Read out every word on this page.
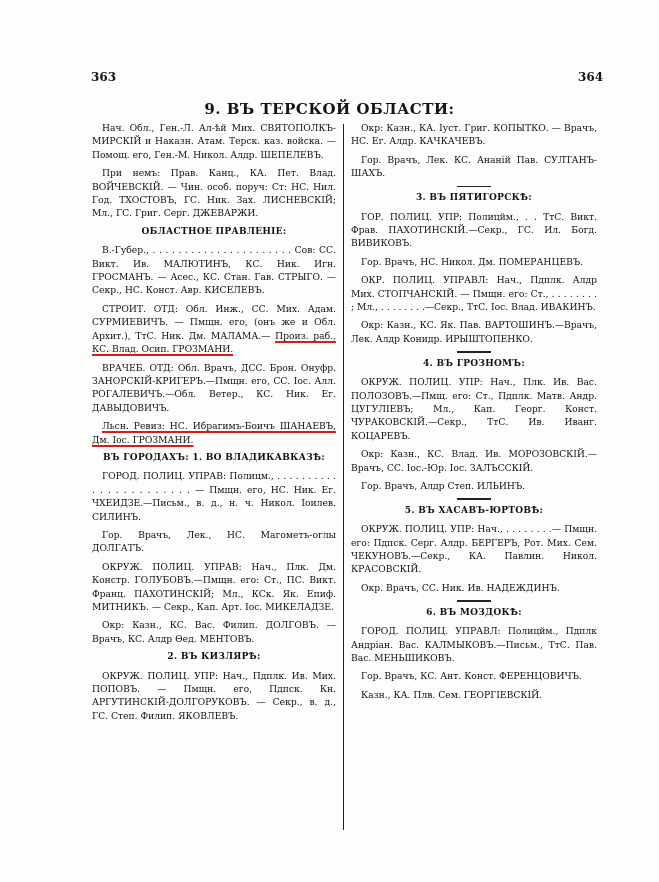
363	364
9. ВЪ ТЕРСКОЙ ОБЛАСТИ:

Нач. Обл., Ген.-Л. Ал-ѣй Мих. СВЯТОПОЛКЪ-МИРСКІЙ и Наказн. Атам. Терск. каз. войска. — Помощ. его, Ген.-М. Никол. Алдр. ШЕПЕЛЕВЪ.

При немъ: Прав. Канц., КА. Пет. Влад. ВОЙЧЕВСКІЙ. — Чин. особ. поруч: Ст: НС. Нил. Год. ТХОСТОВЪ, ГС. Ник. Зах. ЛИСНЕВСКІЙ; Мл., ГС. Григ. Серг. ДЖЕВАРЖИ.

ОБЛАСТНОЕ ПРАВЛЕНІЕ:

В.-Губер., . . . . . . . . . . . . . . . . . . . . . . Сов: СС. Викт. Ив. МАЛЮТИНЪ, КС. Ник. Игн. ГРОСМАНЪ. — Асес., КС. Стан. Гав. СТРЫГО. — Секр., НС. Конст. Авр. КИСЕЛЕВЪ.

СТРОИТ. ОТД: Обл. Инж., СС. Мих. Адам. СУРМИЕВИЧЪ. — Пмщн. его, (онъ же и Обл. Архит.), ТтС. Ник. Дм. МАЛАМА.— Произ. раб., КС. Влад. Осип. ГРОЗМАНИ.

ВРАЧЕБ. ОТД: Обл. Врачъ, ДСС. Брон. Онуфр. ЗАНОРСКІЙ-КРИГЕРЪ.—Пмщн. его, СС. Іос. Алл. РОГАЛЕВИЧЪ.—Обл. Ветер., КС. Ник. Ег. ДАВЫДОВИЧЪ.

Льсн. Ревиз: НС. Ибрагимъ-Боичъ ШАНАЕВЪ, Дм. Іос. ГРОЗМАНИ.

ВЪ ГОРОДАХЪ: 1. ВО ВЛАДИКАВКАЗѢ:

ГОРОД. ПОЛИЦ. УПРАВ: Полицм., . . . . . . . . . . . . . . . . . . . . . . . — Пмщн. его, НС. Ник. Ег. ЧХЕИДЗЕ.—Письм., в. д., н. ч. Никол. Іоилев. СИЛИНЪ.

Гор. Врачъ, Лек., НС. Магометъ-оглы ДОЛГАТЪ.

ОКРУЖ. ПОЛИЦ. УПРАВ: Нач., Плк. Дм. Констр. ГОЛУБОВЪ.—Пмщн. его: Ст., ПС. Викт. Франц. ПАХОТИНСКІЙ; Мл., КСк. Як. Епиф. МИТНИКЪ. — Секр., Кап. Арт. Іос. МИКЕЛАДЗЕ.

Окр: Казн., КС. Вас. Филип. ДОЛГОВЪ. — Врачъ, КС. Алдр Ѳед. МЕНТОВЪ.

2. ВЪ КИЗЛЯРѢ:

ОКРУЖ. ПОЛИЦ. УПР: Нач., Пдплк. Ив. Мих. ПОПОВЪ. — Пмщн. его, Пдпск. Кн. АРГУТИНСКІЙ-ДОЛГОРУКОВЪ. — Секр., в. д., ГС. Степ. Филип. ЯКОВЛЕВЪ.

Окр: Казн., КА. Іуст. Григ. КОПЫТКО. — Врачъ, НС. Ег. Алдр. КАЧКАЧЕВЪ.

Гор. Врачъ, Лек. КС. Ананій Пав. СУЛТАНЪ-ШАХЪ.

3. ВЪ ПЯТИГОРСКѢ:

ГОР. ПОЛИЦ. УПР: Полицйм., . . ТтС. Викт. Фрав. ПАХОТИНСКІЙ.—Секр., ГС. Ил. Богд. ВИВИКОВЪ.

Гор. Врачъ, НС. Никол. Дм. ПОМЕРАНЦЕВЪ.

ОКР. ПОЛИЦ. УПРАВЛ: Нач., Пдплк. Алдр Мих. СТОПЧАНСКІЙ. — Пмщн. его: Ст., . . . . . . . . ; Мл., . . . . . . . .—Секр., ТтС. Іос. Влад. ИВАКИНЪ.

Окр: Казн., КС. Як. Пав. ВАРТОШИНЪ.—Врачъ, Лек. Алдр Конидр. ИРЫШТОПЕНКО.

4. ВЪ ГРОЗНОМЪ:

ОКРУЖ. ПОЛИЦ. УПР: Нач., Плк. Ив. Вас. ПОЛОЗОВЪ.—Пмщ. его: Ст., Пдплк. Матв. Андр. ЦУГУЛІЕВЪ; Мл., Кап. Георг. Конст. ЧУРАКОВСКІЙ.—Секр., ТтС. Ив. Иванг. КОЦАРЕВЪ.

Окр: Казн., КС. Влад. Ив. МОРОЗОВСКІЙ.—Врачъ, СС. Іос.-Юр. Іос. ЗАЛЪССКІЙ.

Гор. Врачъ, Алдр Степ. ИЛЬИНЪ.

5. ВЪ ХАСАВЪ-ЮРТОВѢ:

ОКРУЖ. ПОЛИЦ. УПР: Нач., . . . . . . . .— Пмщн. его: Пдпск. Серг. Алдр. БЕРГЕРЪ, Рот. Мих. Сем. ЧЕКУНОВЪ.—Секр., КА. Павлин. Никол. КРАСОВСКІЙ.

Окр. Врачъ, СС. Ник. Ив. НАДЕЖДИНЪ.

6. ВЪ МОЗДОКѢ:

ГОРОД. ПОЛИЦ. УПРАВЛ: Полицйм., Пдплк Андріан. Вас. КАЛМЫКОВЪ.—Письм., ТтС. Пав. Вас. МЕНЬШИКОВЪ.

Гор. Врачъ, КС. Ант. Конст. ФЕРЕНЦОВИЧЪ.

Казн., КА. Плв. Сем. ГЕОРГІЕВСКІЙ.
